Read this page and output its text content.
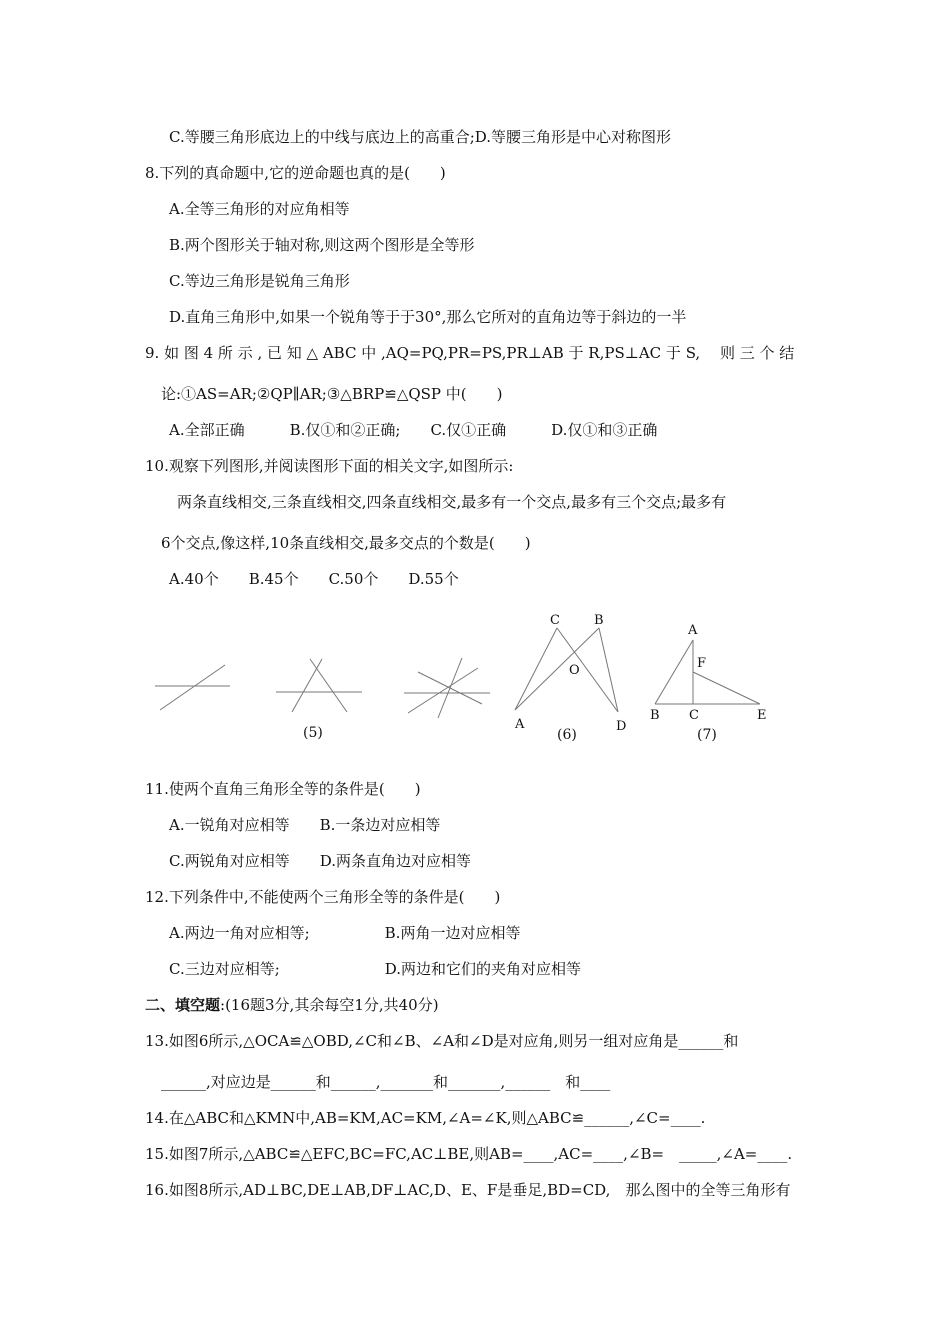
C.等腰三角形底边上的中线与底边上的高重合;D.等腰三角形是中心对称图形
8.下列的真命题中,它的逆命题也真的是(　　)
A.全等三角形的对应角相等
B.两个图形关于轴对称,则这两个图形是全等形
C.等边三角形是锐角三角形
D.直角三角形中,如果一个锐角等于于30°,那么它所对的直角边等于斜边的一半
9. 如 图 4 所 示 , 已 知 △ ABC 中 ,AQ=PQ,PR=PS,PR⊥AB 于 R,PS⊥AC 于 S,　 则 三 个 结
论:①AS=AR;②QP∥AR;③△BRP≌△QSP 中(　　)
A.全部正确　　　B.仅①和②正确;　　C.仅①正确　　　D.仅①和③正确
10.观察下列图形,并阅读图形下面的相关文字,如图所示:
两条直线相交,三条直线相交,四条直线相交,最多有一个交点,最多有三个交点;最多有
6个交点,像这样,10条直线相交,最多交点的个数是(　　)
A.40个　　B.45个　　C.50个　　D.55个
(5)	(6)	(7)
C	B
O
A	D
A
F
B C	E
11.使两个直角三角形全等的条件是(　　)
A.一锐角对应相等　　B.一条边对应相等
C.两锐角对应相等　　D.两条直角边对应相等
12.下列条件中,不能使两个三角形全等的条件是(　　)
A.两边一角对应相等;　　　　　B.两角一边对应相等
C.三边对应相等;　　　　　　　D.两边和它们的夹角对应相等
二、填空题:(16题3分,其余每空1分,共40分)
13.如图6所示,△OCA≌△OBD,∠C和∠B、∠A和∠D是对应角,则另一组对应角是______和
______,对应边是______和______,_______和_______,______　和____
14.在△ABC和△KMN中,AB=KM,AC=KM,∠A=∠K,则△ABC≌______,∠C=____.
15.如图7所示,△ABC≌△EFC,BC=FC,AC⊥BE,则AB=____,AC=____,∠B=　_____,∠A=____.
16.如图8所示,AD⊥BC,DE⊥AB,DF⊥AC,D、E、F是垂足,BD=CD,　那么图中的全等三角形有
